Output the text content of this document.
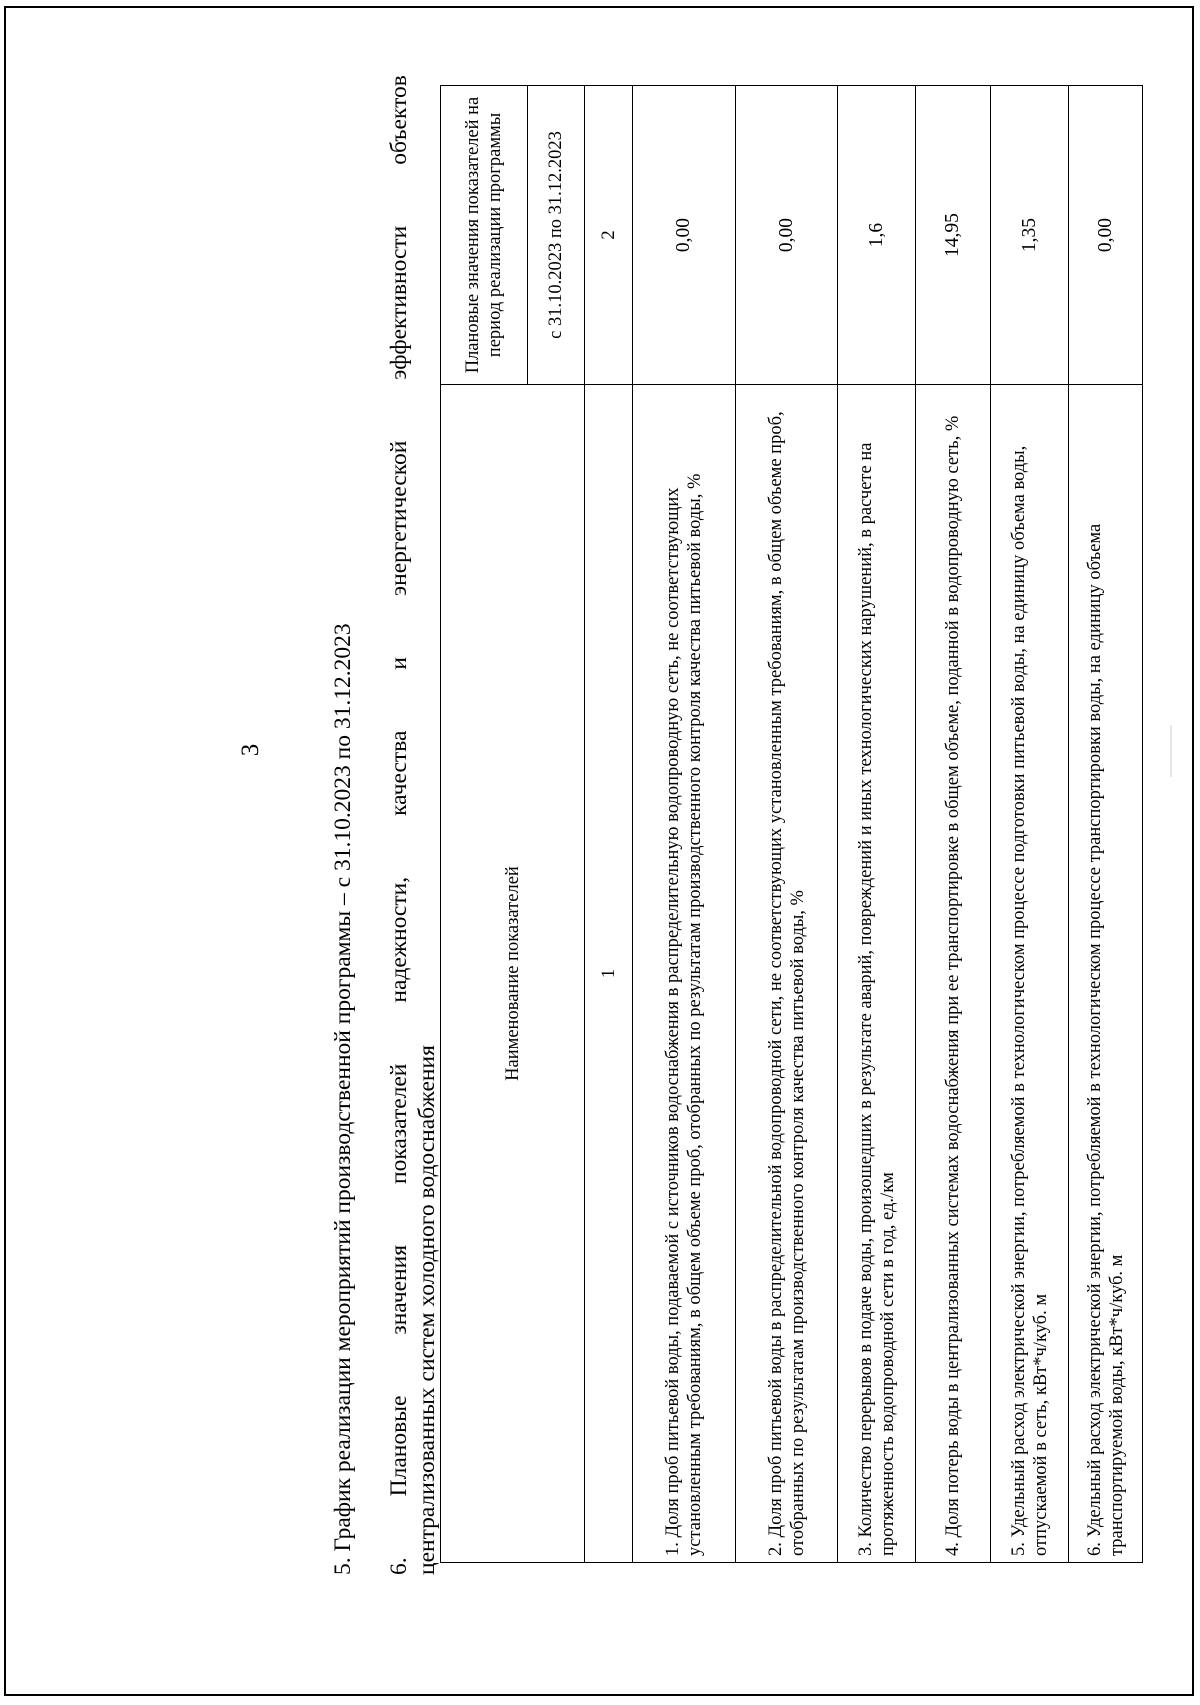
3	5. График реализации мероприятий производственной программы – с 31.10.2023 по 31.12.2023 6.
Плановые
значения
показателей
надежности,
качества
и
энергетической
эффективности
объектов
централизованных систем холодного водоснабжения
Наименование показателей	Плановые значения показателей на период реализации программы
	с 31.10.2023 по 31.12.2023
1	2
1. Доля проб питьевой воды, подаваемой с источников водоснабжения в распределительную водопроводную сеть, не соответствующих установленным требованиям, в общем объеме проб, отобранных по результатам производственного контроля качества питьевой воды, %	0,00
2. Доля проб питьевой воды в распределительной водопроводной сети, не соответствующих установленным требованиям, в общем объеме проб, отобранных по результатам производственного контроля качества питьевой воды, %	0,00
3. Количество перерывов в подаче воды, произошедших в результате аварий, повреждений и иных технологических нарушений, в расчете на протяженность водопроводной сети в год, ед./км	1,6
4. Доля потерь воды в централизованных системах водоснабжения при ее транспортировке в общем объеме, поданной в водопроводную сеть, %	14,95
5. Удельный расход электрической энергии, потребляемой в технологическом процессе подготовки питьевой воды, на единицу объема воды, отпускаемой в сеть, кВт*ч/куб. м	1,35
6. Удельный расход электрической энергии, потребляемой в технологическом процессе транспортировки воды, на единицу объема транспортируемой воды, кВт*ч/куб. м	0,00
